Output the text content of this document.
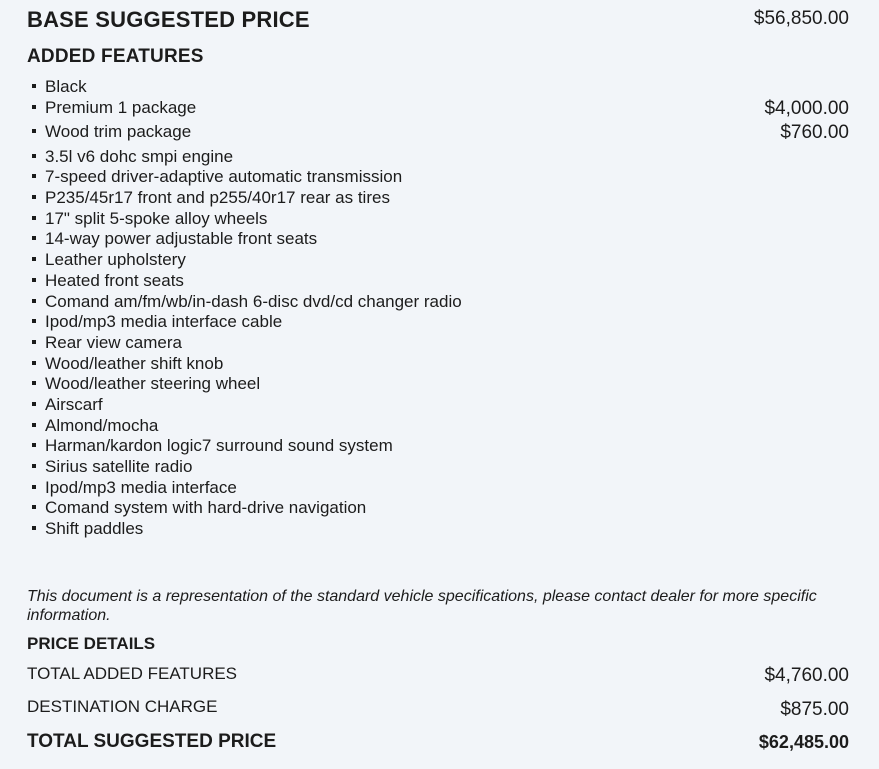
BASE SUGGESTED PRICE	$56,850.00
ADDED FEATURES
Black
Premium 1 package	$4,000.00
Wood trim package	$760.00
3.5l v6 dohc smpi engine
7-speed driver-adaptive automatic transmission
P235/45r17 front and p255/40r17 rear as tires
17" split 5-spoke alloy wheels
14-way power adjustable front seats
Leather upholstery
Heated front seats
Comand am/fm/wb/in-dash 6-disc dvd/cd changer radio
Ipod/mp3 media interface cable
Rear view camera
Wood/leather shift knob
Wood/leather steering wheel
Airscarf
Almond/mocha
Harman/kardon logic7 surround sound system
Sirius satellite radio
Ipod/mp3 media interface
Comand system with hard-drive navigation
Shift paddles
This document is a representation of the standard vehicle specifications, please contact dealer for more specific information.
PRICE DETAILS
TOTAL ADDED FEATURES	$4,760.00
DESTINATION CHARGE	$875.00
TOTAL SUGGESTED PRICE	$62,485.00
